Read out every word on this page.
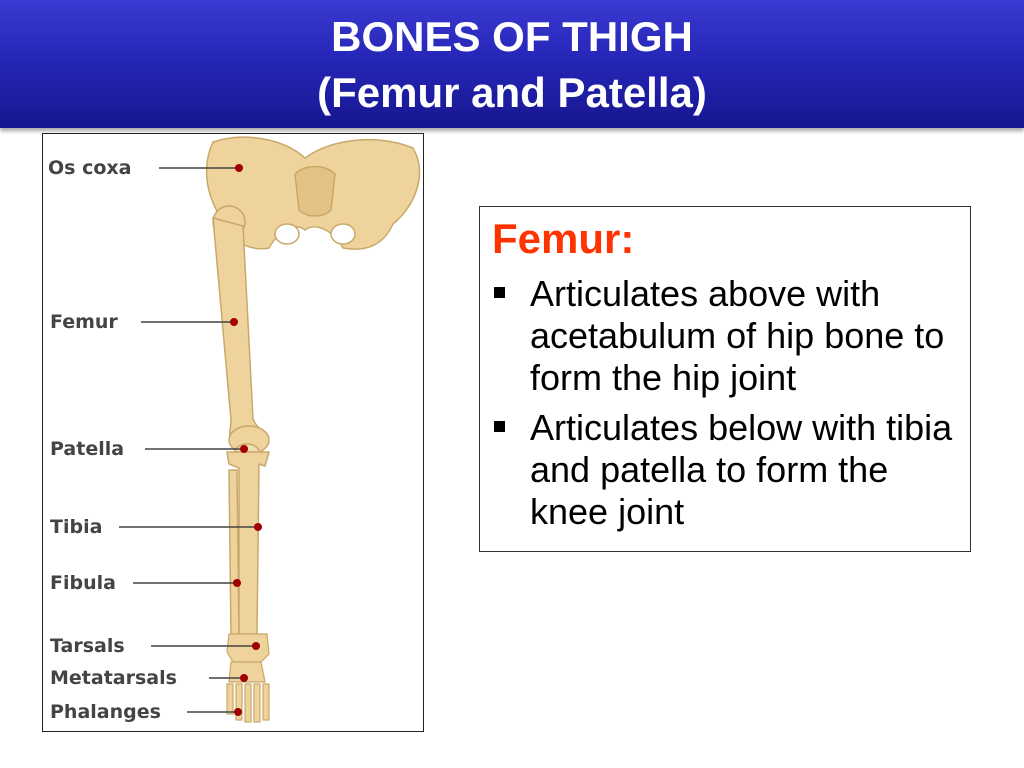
BONES OF THIGH
(Femur and Patella)
Os coxa
Femur
Patella
Tibia
Fibula
Tarsals
Metatarsals
Phalanges
Femur:
Articulates above with acetabulum of hip bone to form the hip joint
Articulates below with tibia and patella to form the knee joint
